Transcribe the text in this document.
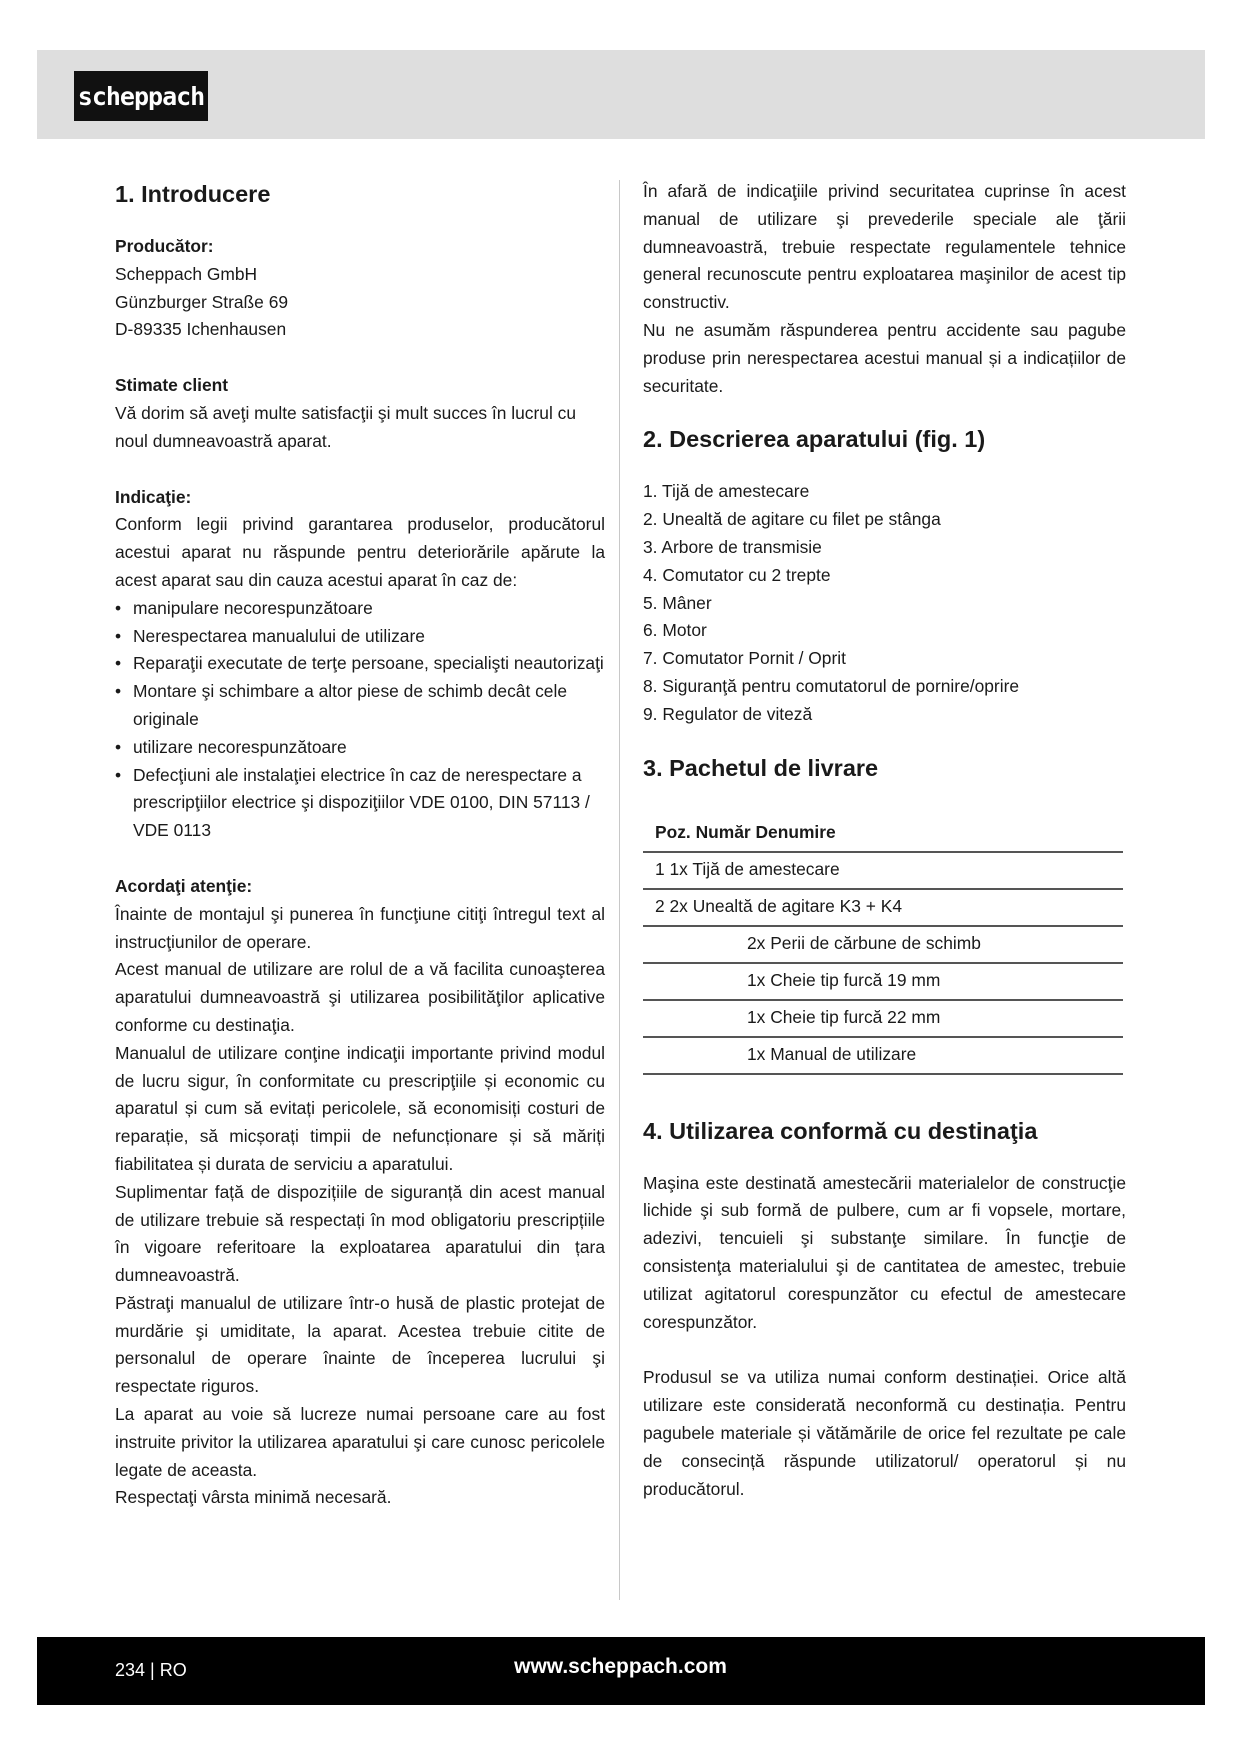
scheppach
1. Introducere

Producător:

Scheppach GmbH

Günzburger Straße 69

D-89335 Ichenhausen

Stimate client

Vă dorim să aveţi multe satisfacţii şi mult succes în lucrul cu noul dumneavoastră aparat.

Indicaţie:

Conform legii privind garantarea produselor, producătorul acestui aparat nu răspunde pentru deteriorările apărute la acest aparat sau din cauza acestui aparat în caz de:

• manipulare necorespunzătoare
• Nerespectarea manualului de utilizare
• Reparaţii executate de terţe persoane, specialişti neautorizaţi
• Montare şi schimbare a altor piese de schimb decât cele originale
• utilizare necorespunzătoare
• Defecţiuni ale instalaţiei electrice în caz de nerespectare a prescripţiilor electrice şi dispoziţiilor VDE 0100, DIN 57113 / VDE 0113

Acordaţi atenţie:

Înainte de montajul şi punerea în funcţiune citiţi întregul text al instrucţiunilor de operare.

Acest manual de utilizare are rolul de a vă facilita cunoaşterea aparatului dumneavoastră şi utilizarea posibilităţilor aplicative conforme cu destinaţia.

Manualul de utilizare conţine indicaţii importante privind modul de lucru sigur, în conformitate cu prescripţiile și economic cu aparatul și cum să evitați pericolele, să economisiți costuri de reparație, să micșorați timpii de nefuncționare și să măriți fiabilitatea și durata de serviciu a aparatului.

Suplimentar față de dispozițiile de siguranță din acest manual de utilizare trebuie să respectați în mod obligatoriu prescripțiile în vigoare referitoare la exploatarea aparatului din țara dumneavoastră.

Păstraţi manualul de utilizare într-o husă de plastic protejat de murdărie şi umiditate, la aparat. Acestea trebuie citite de personalul de operare înainte de începerea lucrului şi respectate riguros.

La aparat au voie să lucreze numai persoane care au fost instruite privitor la utilizarea aparatului şi care cunosc pericolele legate de aceasta.

Respectaţi vârsta minimă necesară.

În afară de indicaţiile privind securitatea cuprinse în acest manual de utilizare şi prevederile speciale ale ţării dumneavoastră, trebuie respectate regulamentele tehnice general recunoscute pentru exploatarea maşinilor de acest tip constructiv.

Nu ne asumăm răspunderea pentru accidente sau pagube produse prin nerespectarea acestui manual și a indicațiilor de securitate.

2. Descrierea aparatului (fig. 1)
1. Tijă de amestecare
2. Unealtă de agitare cu filet pe stânga
3. Arbore de transmisie
4. Comutator cu 2 trepte
5. Mâner
6. Motor
7. Comutator Pornit / Oprit
8. Siguranţă pentru comutatorul de pornire/oprire
9. Regulator de viteză
3. Pachetul de livrare
Poz. Număr Denumire
1 1x Tijă de amestecare
2 2x Unealtă de agitare K3 + K4
2x Perii de cărbune de schimb
1x Cheie tip furcă 19 mm
1x Cheie tip furcă 22 mm
1x Manual de utilizare
4. Utilizarea conformă cu destinaţia

Maşina este destinată amestecării materialelor de construcţie lichide şi sub formă de pulbere, cum ar fi vopsele, mortare, adezivi, tencuieli şi substanţe similare. În funcţie de consistenţa materialului şi de cantitatea de amestec, trebuie utilizat agitatorul corespunzător cu efectul de amestecare corespunzător.

Produsul se va utiliza numai conform destinației. Orice altă utilizare este considerată neconformă cu destinația. Pentru pagubele materiale și vătămările de orice fel rezultate pe cale de consecință răspunde utilizatorul/ operatorul și nu producătorul.

234 | RO	www.scheppach.com
